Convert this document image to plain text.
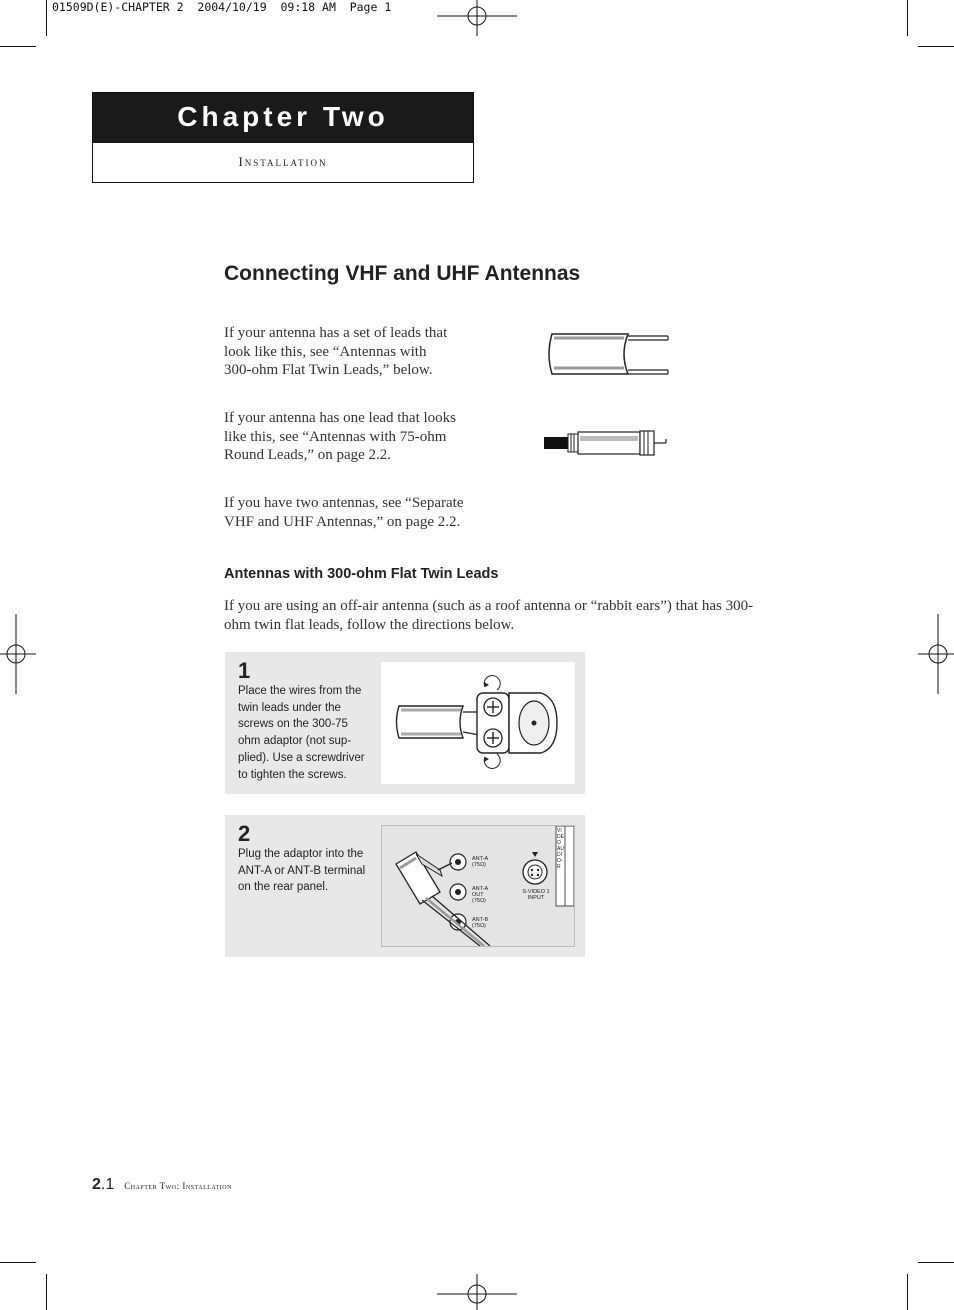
01509D(E)-CHAPTER 2  2004/10/19  09:18 AM  Page 1
Chapter Two
Installation
Connecting VHF and UHF Antennas
If your antenna has a set of leads that
look like this, see “Antennas with
300-ohm Flat Twin Leads,” below.
If your antenna has one lead that looks
like this, see “Antennas with 75-ohm
Round Leads,” on page 2.2.
If you have two antennas, see “Separate
VHF and UHF Antennas,” on page 2.2.
Antennas with 300-ohm Flat Twin Leads
If you are using an off-air antenna (such as a roof antenna or “rabbit ears”) that has 300-
ohm twin flat leads, follow the directions below.
1
Place the wires from the
twin leads under the
screws on the 300-75
ohm adaptor (not sup-
plied). Use a screwdriver
to tighten the screws.
2
Plug the adaptor into the
ANT-A or ANT-B terminal
on the rear panel.
ANT-A
(75Ω)
ANT-A
OUT
(75Ω)
ANT-B
(75Ω)
S-VIDEO 1
INPUT
VIDEO AUDIO-R
2.1 Chapter Two: Installation
